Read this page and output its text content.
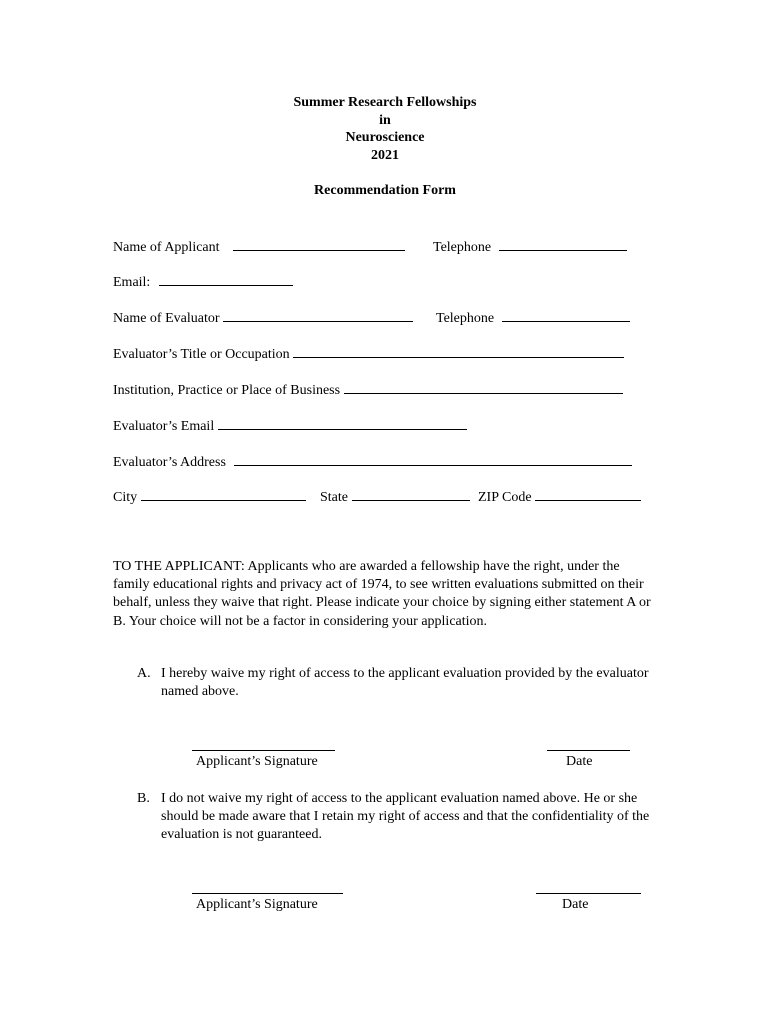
Summer Research Fellowships
in
Neuroscience
2021
Recommendation Form
Name of Applicant	Telephone
Email:
Name of Evaluator	Telephone
Evaluator’s Title or Occupation
Institution, Practice or Place of Business
Evaluator’s Email
Evaluator’s Address
City	State	ZIP Code
TO THE APPLICANT: Applicants who are awarded a fellowship have the right, under the family educational rights and privacy act of 1974, to see written evaluations submitted on their behalf, unless they waive that right. Please indicate your choice by signing either statement A or B. Your choice will not be a factor in considering your application.
A. I hereby waive my right of access to the applicant evaluation provided by the evaluator named above.
Applicant’s Signature	Date
B. I do not waive my right of access to the applicant evaluation named above. He or she should be made aware that I retain my right of access and that the confidentiality of the evaluation is not guaranteed.
Applicant’s Signature	Date
